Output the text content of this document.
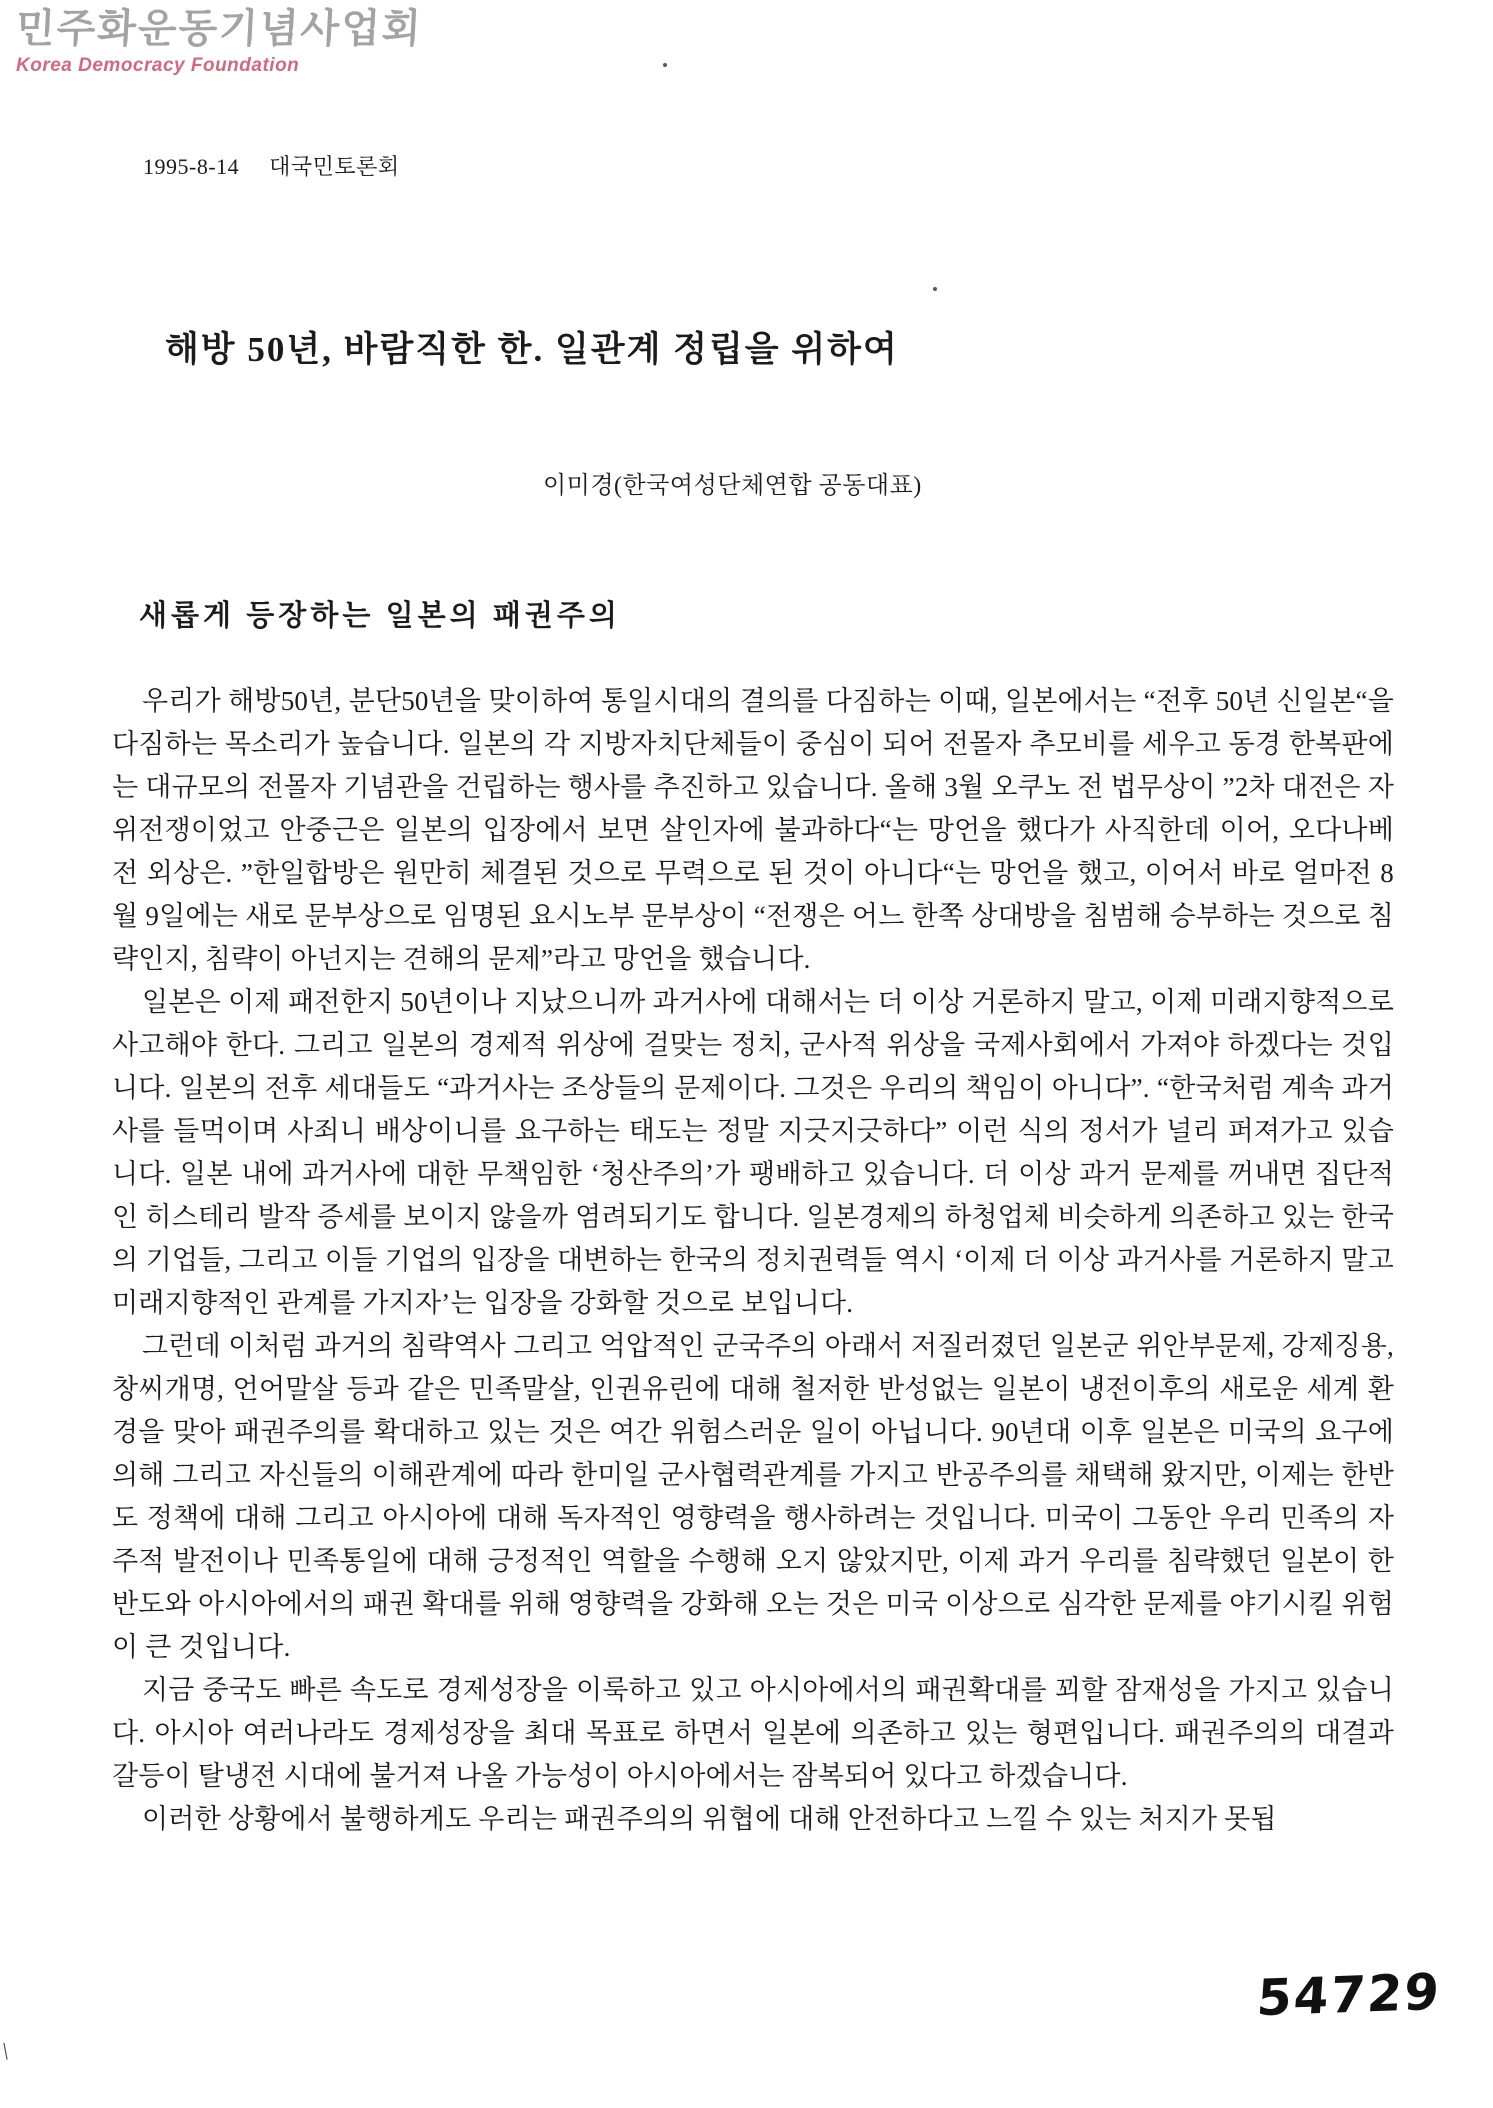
민주화운동기념사업회
Korea Democracy Foundation
1995-8-14 대국민토론회
해방 50년, 바람직한 한. 일관계 정립을 위하여
이미경(한국여성단체연합 공동대표)
새롭게 등장하는 일본의 패권주의

우리가 해방50년, 분단50년을 맞이하여 통일시대의 결의를 다짐하는 이때, 일본에서는 “전후 50년 신일본“을 다짐하는 목소리가 높습니다. 일본의 각 지방자치단체들이 중심이 되어 전몰자 추모비를 세우고 동경 한복판에는 대규모의 전몰자 기념관을 건립하는 행사를 추진하고 있습니다. 올해 3월 오쿠노 전 법무상이 ”2차 대전은 자위전쟁이었고 안중근은 일본의 입장에서 보면 살인자에 불과하다“는 망언을 했다가 사직한데 이어, 오다나베 전 외상은. ”한일합방은 원만히 체결된 것으로 무력으로 된 것이 아니다“는 망언을 했고, 이어서 바로 얼마전 8월 9일에는 새로 문부상으로 임명된 요시노부 문부상이 “전쟁은 어느 한쪽 상대방을 침범해 승부하는 것으로 침략인지, 침략이 아넌지는 견해의 문제”라고 망언을 했습니다.

일본은 이제 패전한지 50년이나 지났으니까 과거사에 대해서는 더 이상 거론하지 말고, 이제 미래지향적으로 사고해야 한다. 그리고 일본의 경제적 위상에 걸맞는 정치, 군사적 위상을 국제사회에서 가져야 하겠다는 것입니다. 일본의 전후 세대들도 “과거사는 조상들의 문제이다. 그것은 우리의 책임이 아니다”. “한국처럼 계속 과거사를 들먹이며 사죄니 배상이니를 요구하는 태도는 정말 지긋지긋하다” 이런 식의 정서가 널리 퍼져가고 있습니다. 일본 내에 과거사에 대한 무책임한 ‘청산주의’가 팽배하고 있습니다. 더 이상 과거 문제를 꺼내면 집단적인 히스테리 발작 증세를 보이지 않을까 염려되기도 합니다. 일본경제의 하청업체 비슷하게 의존하고 있는 한국의 기업들, 그리고 이들 기업의 입장을 대변하는 한국의 정치권력들 역시 ‘이제 더 이상 과거사를 거론하지 말고 미래지향적인 관계를 가지자’는 입장을 강화할 것으로 보입니다.

그런데 이처럼 과거의 침략역사 그리고 억압적인 군국주의 아래서 저질러졌던 일본군 위안부문제, 강제징용, 창씨개명, 언어말살 등과 같은 민족말살, 인권유린에 대해 철저한 반성없는 일본이 냉전이후의 새로운 세계 환경을 맞아 패권주의를 확대하고 있는 것은 여간 위험스러운 일이 아닙니다. 90년대 이후 일본은 미국의 요구에 의해 그리고 자신들의 이해관계에 따라 한미일 군사협력관계를 가지고 반공주의를 채택해 왔지만, 이제는 한반도 정책에 대해 그리고 아시아에 대해 독자적인 영향력을 행사하려는 것입니다. 미국이 그동안 우리 민족의 자주적 발전이나 민족통일에 대해 긍정적인 역할을 수행해 오지 않았지만, 이제 과거 우리를 침략했던 일본이 한반도와 아시아에서의 패권 확대를 위해 영향력을 강화해 오는 것은 미국 이상으로 심각한 문제를 야기시킬 위험이 큰 것입니다.

지금 중국도 빠른 속도로 경제성장을 이룩하고 있고 아시아에서의 패권확대를 꾀할 잠재성을 가지고 있습니다. 아시아 여러나라도 경제성장을 최대 목표로 하면서 일본에 의존하고 있는 형편입니다. 패권주의의 대결과 갈등이 탈냉전 시대에 불거져 나올 가능성이 아시아에서는 잠복되어 있다고 하겠습니다.

이러한 상황에서 불행하게도 우리는 패권주의의 위협에 대해 안전하다고 느낄 수 있는 처지가 못됩

\
54729
